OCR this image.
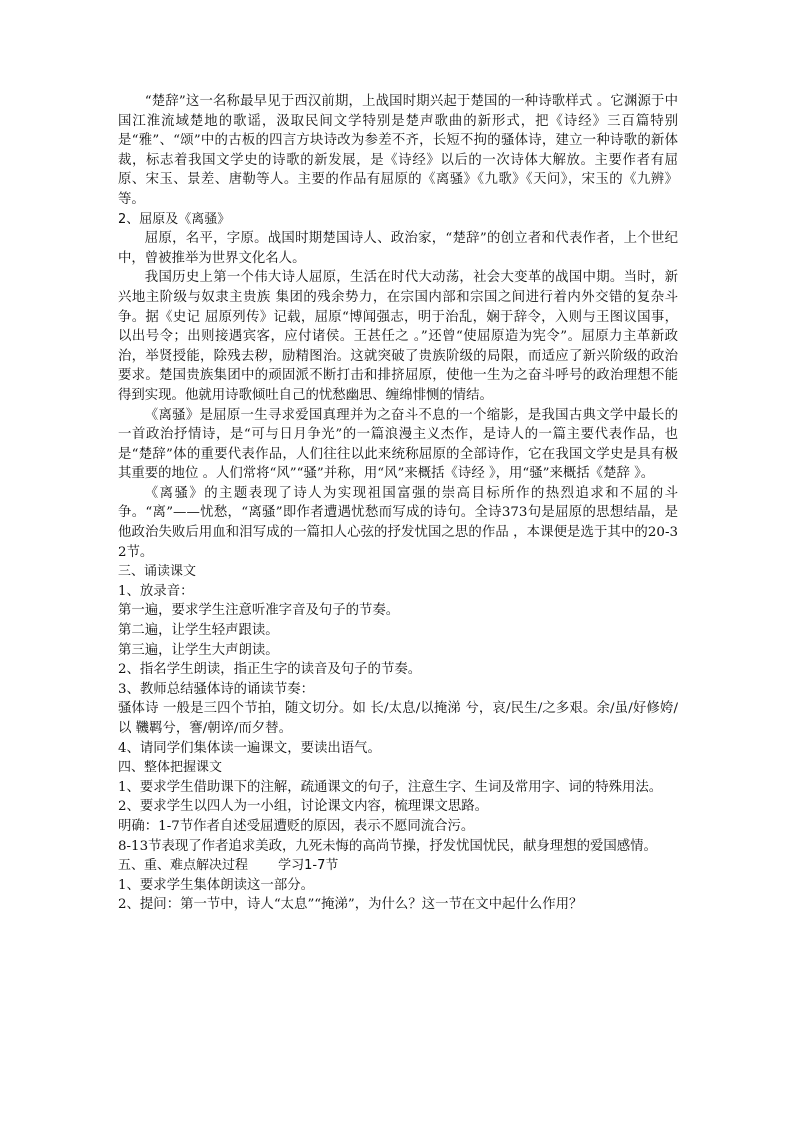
“楚辞”这一名称最早见于西汉前期，上战国时期兴起于楚国的一种诗歌样式 。它渊源于中国江淮流域楚地的歌谣，汲取民间文学特别是楚声歌曲的新形式，把《诗经》三百篇特别是“雅”、“颂”中的古板的四言方块诗改为参差不齐，长短不拘的骚体诗，建立一种诗歌的新体裁，标志着我国文学史的诗歌的新发展，是《诗经》以后的一次诗体大解放。主要作者有屈原、宋玉、景差、唐勒等人。主要的作品有屈原的《离骚》《九歌》《天问》，宋玉的《九辨》等。

2、屈原及《离骚》

屈原，名平，字原。战国时期楚国诗人、政治家，“楚辞”的创立者和代表作者，上个世纪中，曾被推举为世界文化名人。

我国历史上第一个伟大诗人屈原，生活在时代大动荡，社会大变革的战国中期。当时，新兴地主阶级与奴隶主贵族 集团的残余势力，在宗国内部和宗国之间进行着内外交错的复杂斗争。据《史记 屈原列传》记载，屈原“博闻强志，明于治乱，娴于辞令，入则与王图议国事，以出号令；出则接遇宾客，应付诸侯。王甚任之 。”还曾“使屈原造为宪令”。屈原力主革新政治，举贤授能，除残去秽，励精图治。这就突破了贵族阶级的局限，而适应了新兴阶级的政治要求。楚国贵族集团中的顽固派不断打击和排挤屈原，使他一生为之奋斗呼号的政治理想不能得到实现。他就用诗歌倾吐自己的忧愁幽思、缠绵悱恻的情结。

《离骚》是屈原一生寻求爱国真理并为之奋斗不息的一个缩影，是我国古典文学中最长的一首政治抒情诗，是“可与日月争光”的一篇浪漫主义杰作，是诗人的一篇主要代表作品，也是“楚辞”体的重要代表作品，人们往往以此来统称屈原的全部诗作，它在我国文学史是具有极其重要的地位 。人们常将“风”“骚”并称，用“风”来概括《诗经 》，用“骚”来概括《楚辞 》。

《离骚》的主题表现了诗人为实现祖国富强的崇高目标所作的热烈追求和不屈的斗争。“离”——忧愁，“离骚”即作者遭遇忧愁而写成的诗句。全诗373句是屈原的思想结晶，是他政治失败后用血和泪写成的一篇扣人心弦的抒发忧国之思的作品 ，本课便是选于其中的20-32节。

三、诵读课文

1、放录音：

第一遍，要求学生注意听准字音及句子的节奏。

第二遍，让学生轻声跟读。

第三遍，让学生大声朗读。

2、指名学生朗读，指正生字的读音及句子的节奏。

3、教师总结骚体诗的诵读节奏：

骚体诗 一般是三四个节拍，随文切分。如 长/太息/以掩涕 兮，哀/民生/之多艰。余/虽/好修姱/以 鞿羁兮，謇/朝谇/而夕替。

4、请同学们集体读一遍课文，要读出语气。

四、整体把握课文

1、要求学生借助课下的注解，疏通课文的句子，注意生字、生词及常用字、词的特殊用法。

2、要求学生以四人为一小组，讨论课文内容，梳理课文思路。

明确：1-7节作者自述受屈遭贬的原因，表示不愿同流合污。

8-13节表现了作者追求美政，九死未悔的高尚节操，抒发忧国忧民，献身理想的爱国感情。

五、重、难点解决过程　　 学习1-7节

1、要求学生集体朗读这一部分。

2、提问：第一节中，诗人“太息”“掩涕”，为什么？这一节在文中起什么作用？
